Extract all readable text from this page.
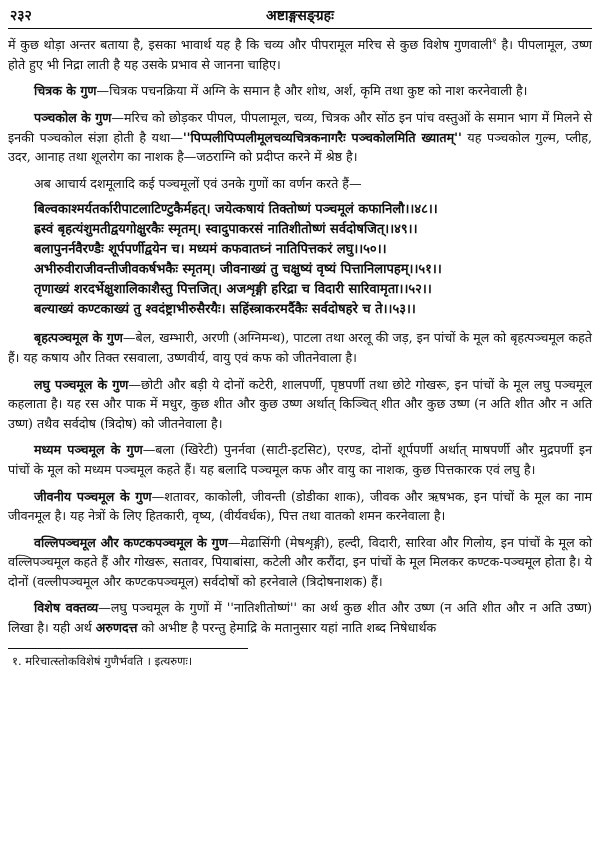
२३२	अष्टाङ्गसङ्ग्रहः

में कुछ थोड़ा अन्तर बताया है, इसका भावार्थ यह है कि चव्य और पीपरामूल मरिच से कुछ विशेष गुणवाली$^१$ है। पीपलामूल, उष्ण होते हुए भी निद्रा लाती है यह उसके प्रभाव से जानना चाहिए।

चित्रक के गुण—चित्रक पचनक्रिया में अग्नि के समान है और शोथ, अर्श, कृमि तथा कुष्ट को नाश करनेवाली है।

पञ्चकोल के गुण—मरिच को छोड़कर पीपल, पीपलामूल, चव्य, चित्रक और सोंठ इन पांच वस्तुओं के समान भाग में मिलने से इनकी पञ्चकोल संज्ञा होती है यथा—''पिप्पलीपिप्पलीमूलचव्यचित्रकनागरैः पञ्चकोलमिति ख्यातम्'' यह पञ्चकोल गुल्म, प्लीह, उदर, आनाह तथा शूलरोग का नाशक है—जठराग्नि को प्रदीप्त करने में श्रेष्ठ है।

अब आचार्य दशमूलादि कई पञ्चमूलों एवं उनके गुणों का वर्णन करते हैं—

बिल्वकाश्मर्यतर्कारीपाटलाटिण्टुकैर्महत्। जयेत्कषायं तिक्तोष्णं पञ्चमूलं कफानिलौ।।४८।।

ह्रस्वं बृहत्यंशुमतीद्वयगोक्षुरकैः स्मृतम्। स्वादुपाकरसं नातिशीतोष्णं सर्वदोषजित्।।४९।।

बलापुनर्नवैरण्डैः शूर्पपर्णीद्वयेन च। मध्यमं कफवातघ्नं नातिपित्तकरं लघु।।५०।।

अभीरुवीराजीवन्तीजीवकर्षभकैः स्मृतम्। जीवनाख्यं तु चक्षुष्यं वृष्यं पित्तानिलापहम्।।५१।।

तृणाख्यं शरदर्भेक्षुशालिकाशैस्तु पित्तजित्। अजशृङ्गी हरिद्रा च विदारी सारिवामृता।।५२।।

बल्याख्यं कण्टकाख्यं तु श्वदंष्ट्राभीरुसैरयैः। सहिंस्त्राकरमर्दैकैः सर्वदोषहरे च ते।।५३।।

बृहत्पञ्चमूल के गुण—बेल, खम्भारी, अरणी (अग्निमन्थ), पाटला तथा अरलू की जड़, इन पांचों के मूल को बृहत्पञ्चमूल कहते हैं। यह कषाय और तिक्त रसवाला, उष्णवीर्य, वायु एवं कफ को जीतनेवाला है।

लघु पञ्चमूल के गुण—छोटी और बड़ी ये दोनों कटेरी, शालपर्णी, पृष्ठपर्णी तथा छोटे गोखरू, इन पांचों के मूल लघु पञ्चमूल कहलाता है। यह रस और पाक में मधुर, कुछ शीत और कुछ उष्ण अर्थात् किञ्चित् शीत और कुछ उष्ण (न अति शीत और न अति उष्ण) तथैव सर्वदोष (त्रिदोष) को जीतनेवाला है।

मध्यम पञ्चमूल के गुण—बला (खिरेटी) पुनर्नवा (साटी-इटसिट), एरण्ड, दोनों शूर्पपर्णी अर्थात् माषपर्णी और मुद्रपर्णी इन पांचों के मूल को मध्यम पञ्चमूल कहते हैं। यह बलादि पञ्चमूल कफ और वायु का नाशक, कुछ पित्तकारक एवं लघु है।

जीवनीय पञ्चमूल के गुण—शतावर, काकोली, जीवन्ती (डोडीका शाक), जीवक और ऋषभक, इन पांचों के मूल का नाम जीवनमूल है। यह नेत्रों के लिए हितकारी, वृष्य, (वीर्यवर्धक), पित्त तथा वातको शमन करनेवाला है।

वल्लिपञ्चमूल और कण्टकपञ्चमूल के गुण—मेढासिंगी (मेषशृङ्गी), हल्दी, विदारी, सारिवा और गिलोय, इन पांचों के मूल को वल्लिपञ्चमूल कहते हैं और गोखरू, सतावर, पियाबांसा, कटेली और करौंदा, इन पांचों के मूल मिलकर कण्टक-पञ्चमूल होता है। ये दोनों (वल्लीपञ्चमूल और कण्टकपञ्चमूल) सर्वदोषों को हरनेवाले (त्रिदोषनाशक) हैं।

विशेष वक्तव्य—लघु पञ्चमूल के गुणों में ''नातिशीतोष्णं'' का अर्थ कुछ शीत और उष्ण (न अति शीत और न अति उष्ण) लिखा है। यही अर्थ अरुणदत्त को अभीष्ट है परन्तु हेमाद्रि के मतानुसार यहां नाति शब्द निषेधार्थक

१. मरिचात्स्तोकविशेषं गुणैर्भवति । इत्यरुणः।
